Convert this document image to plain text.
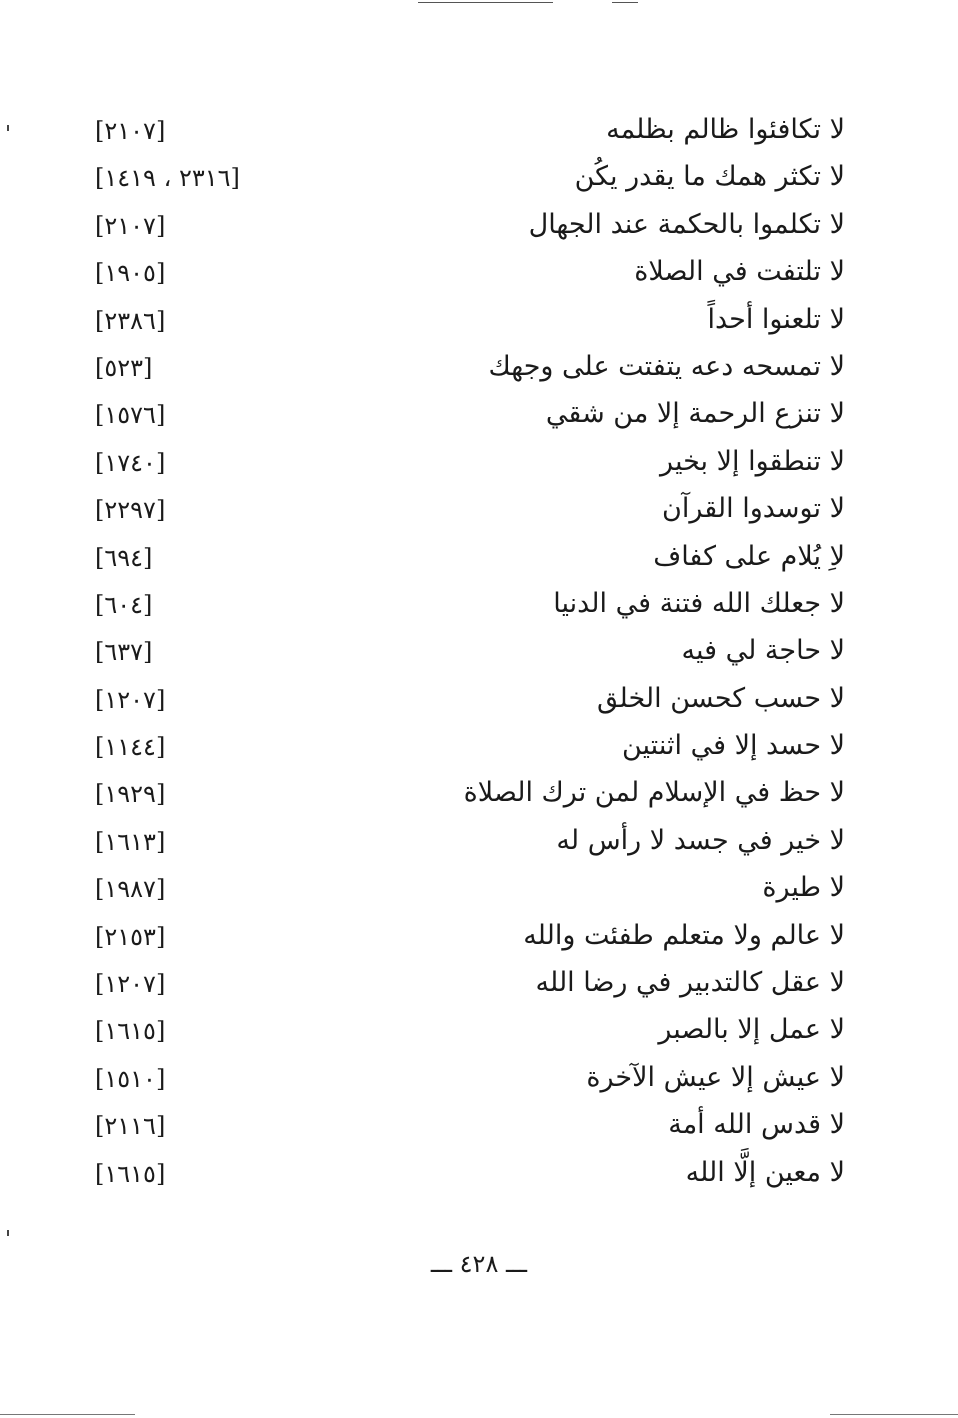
لا تكافئوا ظالم بظلمه
[٢١٠٧]
لا تكثر همك ما يقدر يكُن
[٢٣١٦ ، ١٤١٩]
لا تكلموا بالحكمة عند الجهال
[٢١٠٧]
لا تلتفت في الصلاة
[١٩٠٥]
لا تلعنوا أحداً
[٢٣٨٦]
لا تمسحه دعه يتفتت على وجهك
[٥٢٣]
لا تنزع الرحمة إلا من شقي
[١٥٧٦]
لا تنطقوا إلا بخير
[١٧٤٠]
لا توسدوا القرآن
[٢٢٩٧]
لاِ يُلام على كفاف
[٦٩٤]
لا جعلك الله فتنة في الدنيا
[٦٠٤]
لا حاجة لي فيه
[٦٣٧]
لا حسب كحسن الخلق
[١٢٠٧]
لا حسد إلا في اثنتين
[١١٤٤]
لا حظ في الإسلام لمن ترك الصلاة
[١٩٢٩]
لا خير في جسد لا رأس له
[١٦١٣]
لا طيرة
[١٩٨٧]
لا عالم ولا متعلم طفئت والله
[٢١٥٣]
لا عقل كالتدبير في رضا الله
[١٢٠٧]
لا عمل إلا بالصبر
[١٦١٥]
لا عيش إلا عيش الآخرة
[١٥١٠]
لا قدس الله أمة
[٢١١٦]
لا معين إلَّا الله
[١٦١٥]
ـــ ٤٢٨ ـــ
